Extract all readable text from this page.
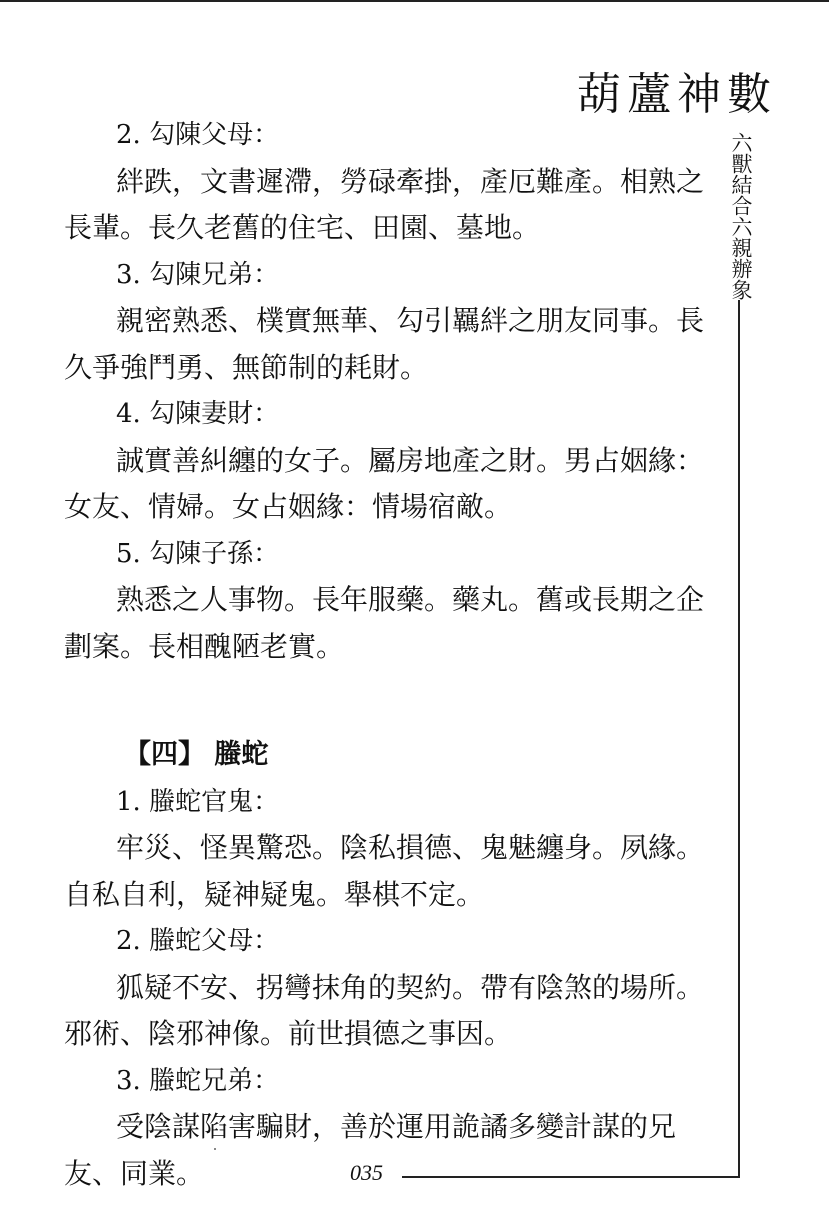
葫蘆神數
六獸結合六親辦象
2. 勾陳父母：
絆跌，文書遲滯，勞碌牽掛，產厄難產。相熟之
長輩。長久老舊的住宅、田園、墓地。
3. 勾陳兄弟：
親密熟悉、樸實無華、勾引羈絆之朋友同事。長
久爭強鬥勇、無節制的耗財。
4. 勾陳妻財：
誠實善糾纏的女子。屬房地產之財。男占姻緣：
女友、情婦。女占姻緣：情場宿敵。
5. 勾陳子孫：
熟悉之人事物。長年服藥。藥丸。舊或長期之企
劃案。長相醜陋老實。
【四】 螣蛇
1. 螣蛇官鬼：
牢災、怪異驚恐。陰私損德、鬼魅纏身。夙緣。
自私自利，疑神疑鬼。舉棋不定。
2. 螣蛇父母：
狐疑不安、拐彎抹角的契約。帶有陰煞的場所。
邪術、陰邪神像。前世損德之事因。
3. 螣蛇兄弟：
受陰謀陷害騙財，善於運用詭譎多變計謀的兄
友、同業。	035
